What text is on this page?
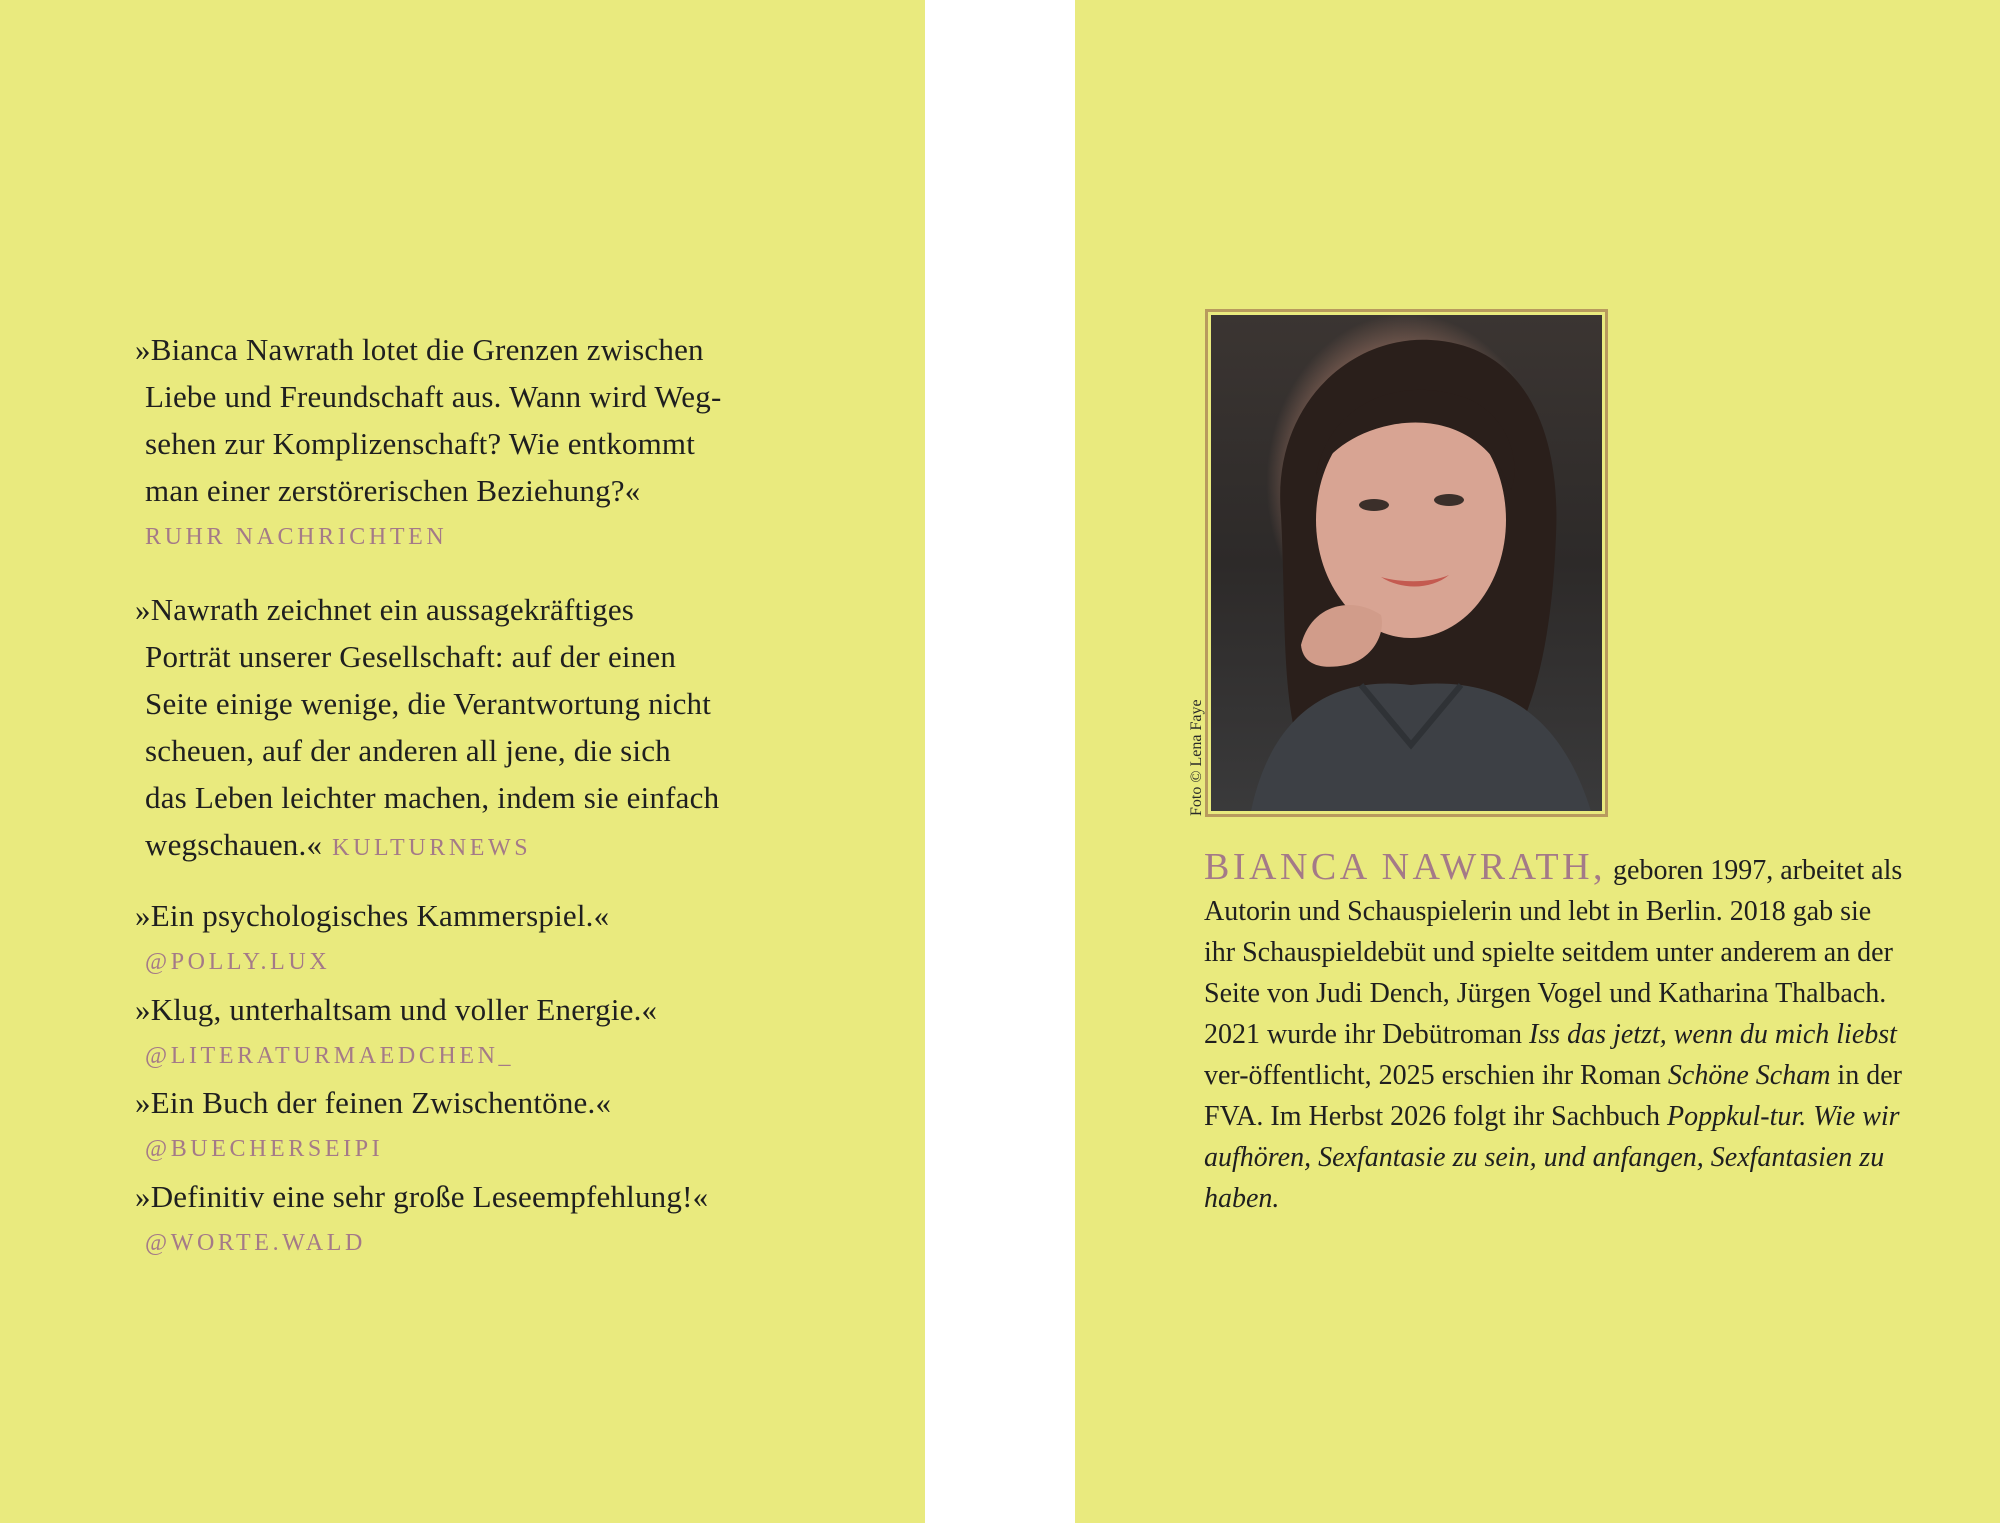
»Bianca Nawrath lotet die Grenzen zwischen
Liebe und Freundschaft aus. Wann wird Weg-
sehen zur Komplizenschaft? Wie entkommt
man einer zerstörerischen Beziehung?«
RUHR NACHRICHTEN
»Nawrath zeichnet ein aussagekräftiges
Porträt unserer Gesellschaft: auf der einen
Seite einige wenige, die Verantwortung nicht
scheuen, auf der anderen all jene, die sich
das Leben leichter machen, indem sie einfach
wegschauen.« KULTURNEWS
»Ein psychologisches Kammerspiel.«
@POLLY.LUX
»Klug, unterhaltsam und voller Energie.«
@LITERATURMAEDCHEN_
»Ein Buch der feinen Zwischentöne.«
@BUECHERSEIPI
»Definitiv eine sehr große Leseempfehlung!«
@WORTE.WALD
Foto © Lena Faye
BIANCA NAWRATH, geboren 1997, arbeitet als Autorin und Schauspielerin und lebt in Berlin. 2018 gab sie ihr Schauspieldebüt und spielte seitdem unter anderem an der Seite von Judi Dench, Jürgen Vogel und Katharina Thalbach. 2021 wurde ihr Debütroman Iss das jetzt, wenn du mich liebst ver-öffentlicht, 2025 erschien ihr Roman Schöne Scham in der FVA. Im Herbst 2026 folgt ihr Sachbuch Poppkul-tur. Wie wir aufhören, Sexfantasie zu sein, und anfangen, Sexfantasien zu haben.
